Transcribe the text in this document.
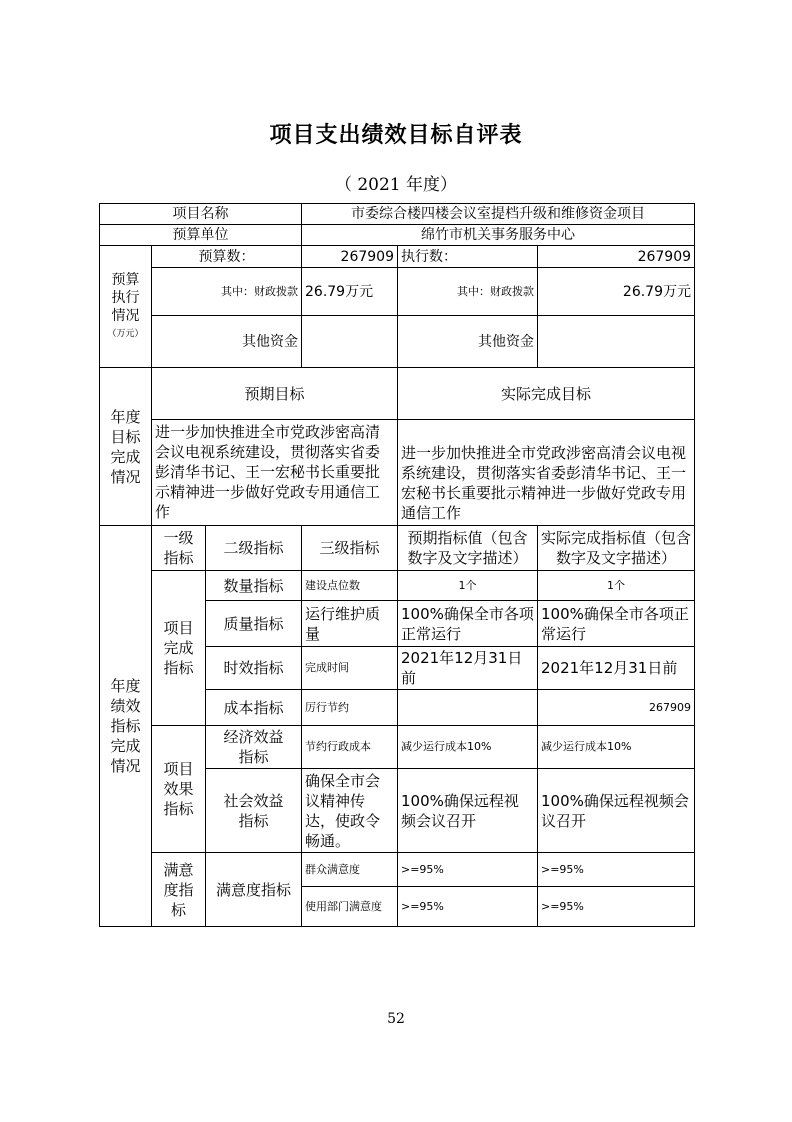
项目支出绩效目标自评表
（ 2021 年度）
项目名称			市委综合楼四楼会议室提档升级和维修资金项目		
预算单位			绵竹市机关事务服务中心		

预算执行情况
（万元）	预算数：		267909	执行数：	267909
	其中：财政拨款		26.79万元	其中：财政拨款	26.79万元
	其他资金			其他资金	

年度目标完成情况	预期目标			实际完成目标	
	进一步加快推进全市党政涉密高清会议电视系统建设，贯彻落实省委彭清华书记、王一宏秘书长重要批示精神进一步做好党政专用通信工作			进一步加快推进全市党政涉密高清会议电视系统建设，贯彻落实省委彭清华书记、王一宏秘书长重要批示精神进一步做好党政专用通信工作	

年度绩效指标完成情况	一级指标	二级指标	三级指标	预期指标值（包含数字及文字描述）	实际完成指标值（包含数字及文字描述）

	项目完成指标	数量指标	建设点位数	1个	1个
		质量指标	运行维护质量	100%确保全市各项正常运行	100%确保全市各项正常运行
		时效指标	完成时间	2021年12月31日前	2021年12月31日前
		成本指标	厉行节约		267909

	项目效果指标	经济效益指标	节约行政成本	减少运行成本10%	减少运行成本10%

		社会效益指标	确保全市会议精神传达，使政令畅通。	100%确保远程视频会议召开	100%确保远程视频会议召开

	满意度指标	满意度指标	群众满意度	>=95%	>=95%
			使用部门满意度	>=95%	>=95%
52
